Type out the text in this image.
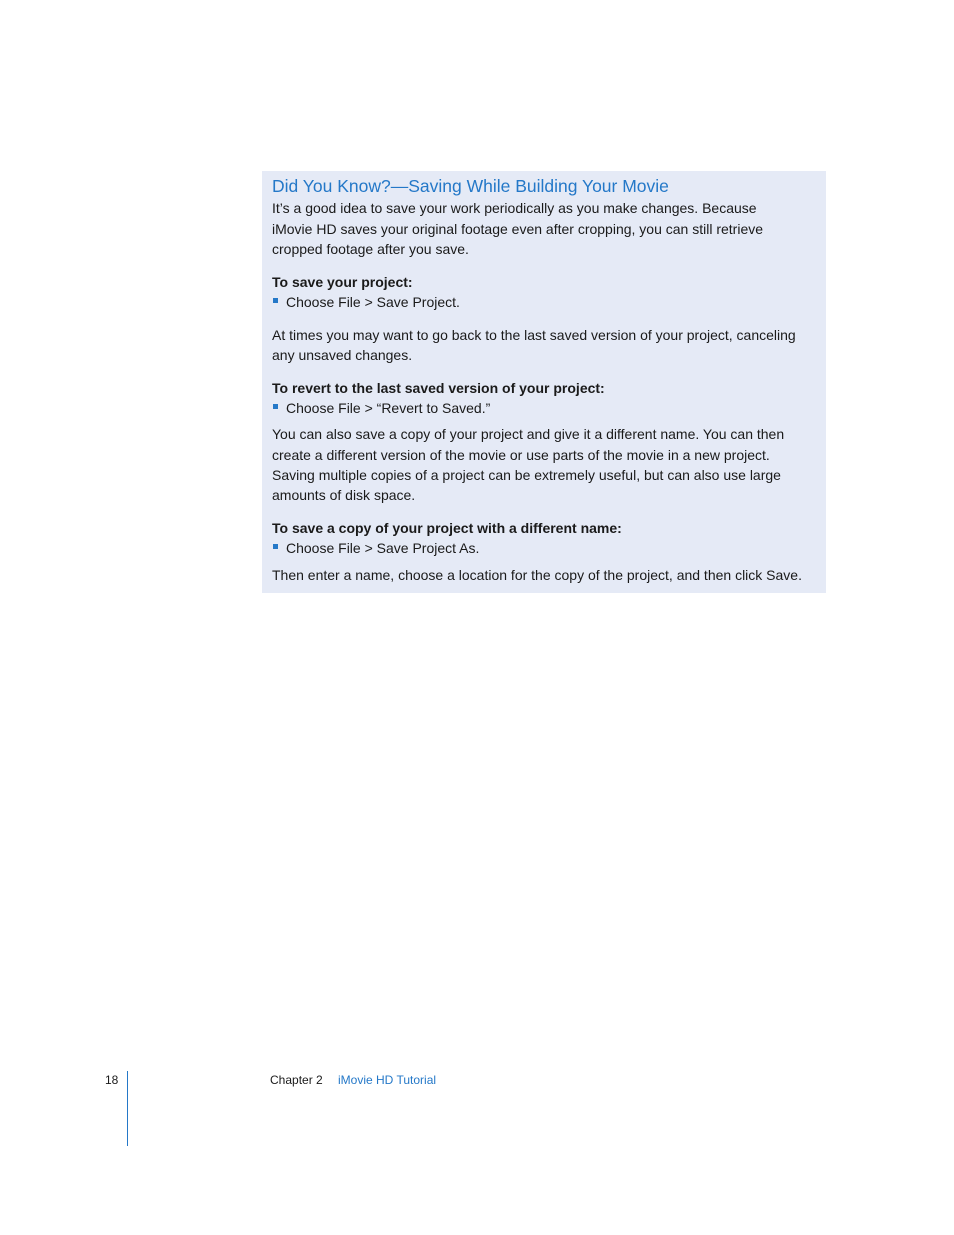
Did You Know?—Saving While Building Your Movie
It’s a good idea to save your work periodically as you make changes. Because
iMovie HD saves your original footage even after cropping, you can still retrieve
cropped footage after you save.
To save your project:
Choose File > Save Project.
At times you may want to go back to the last saved version of your project, canceling
any unsaved changes.
To revert to the last saved version of your project:
Choose File > “Revert to Saved.”
You can also save a copy of your project and give it a different name. You can then
create a different version of the movie or use parts of the movie in a new project.
Saving multiple copies of a project can be extremely useful, but can also use large
amounts of disk space.
To save a copy of your project with a different name:
Choose File > Save Project As.
Then enter a name, choose a location for the copy of the project, and then click Save.
18	Chapter 2 iMovie HD Tutorial
